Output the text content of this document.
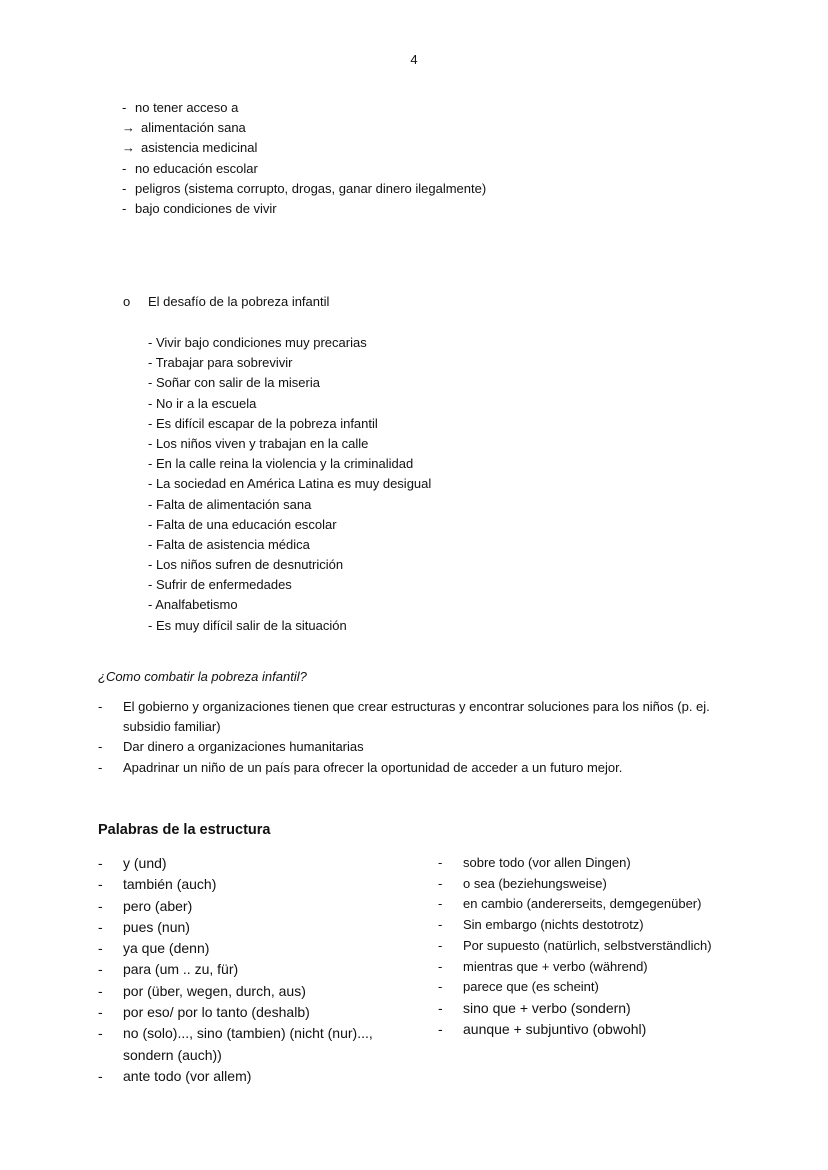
4
- no tener acceso a
→ alimentación sana
→ asistencia medicinal
- no educación escolar
- peligros (sistema corrupto, drogas, ganar dinero ilegalmente)
- bajo condiciones de vivir
o El desafío de la pobreza infantil
- Vivir bajo condiciones muy precarias
- Trabajar para sobrevivir
- Soñar con salir de la miseria
- No ir a la escuela
- Es difícil escapar de la pobreza infantil
- Los niños viven y trabajan en la calle
- En la calle reina la violencia y la criminalidad
- La sociedad en América Latina es muy desigual
- Falta de alimentación sana
- Falta de una educación escolar
- Falta de asistencia médica
- Los niños sufren de desnutrición
- Sufrir de enfermedades
- Analfabetismo
- Es muy difícil salir de la situación
¿Como combatir la pobreza infantil?
- El gobierno y organizaciones tienen que crear estructuras y encontrar soluciones para los niños (p. ej. subsidio familiar)
- Dar dinero a organizaciones humanitarias
- Apadrinar un niño de un país para ofrecer la oportunidad de acceder a un futuro mejor.
Palabras de la estructura
- y (und)
- también (auch)
- pero (aber)
- pues (nun)
- ya que (denn)
- para (um .. zu, für)
- por (über, wegen, durch, aus)
- por eso/ por lo tanto (deshalb)
- no (solo)..., sino (tambien) (nicht (nur)..., sondern (auch))
- ante todo (vor allem)
- sobre todo (vor allen Dingen)
- o sea (beziehungsweise)
- en cambio (andererseits, demgegenüber)
- Sin embargo (nichts destotrotz)
- Por supuesto (natürlich, selbstverständlich)
- mientras que + verbo (während)
- parece que (es scheint)
- sino que + verbo (sondern)
- aunque + subjuntivo (obwohl)
